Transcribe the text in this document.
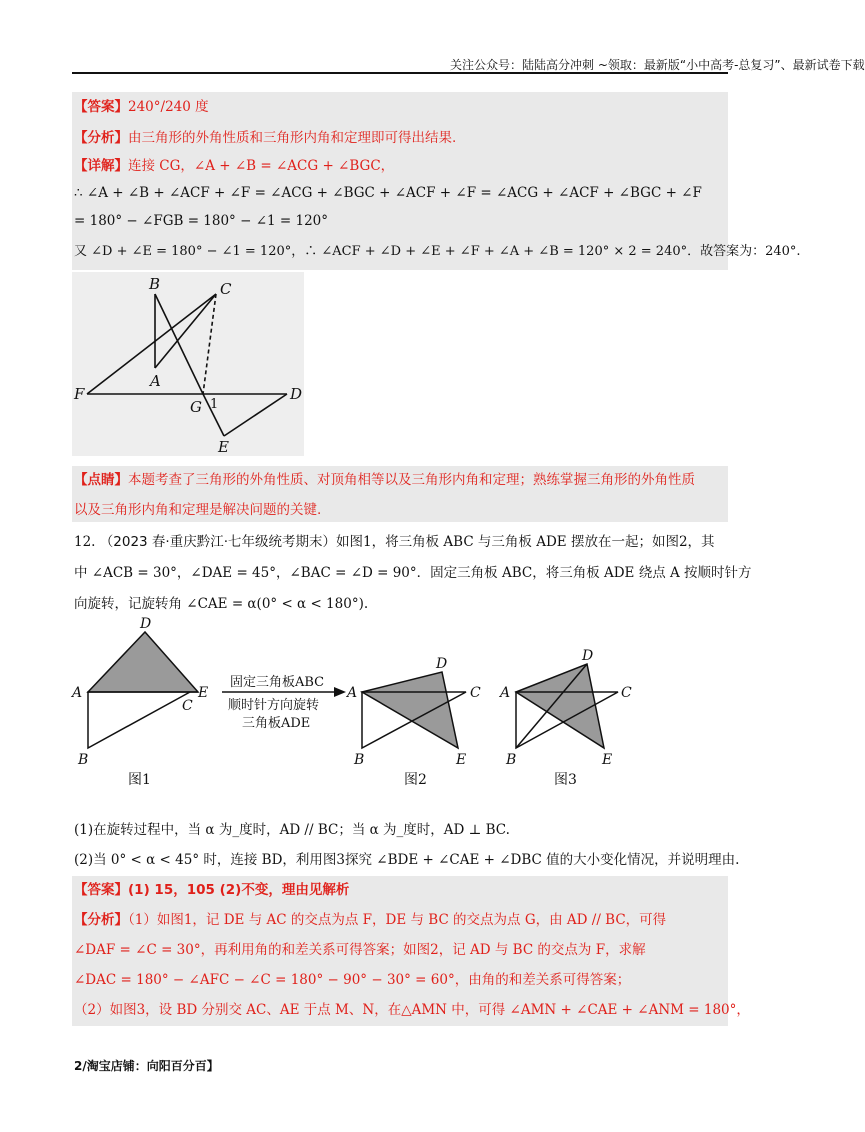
关注公众号：陆陆高分冲刺 ~领取：最新版“小中高考-总复习”、最新试卷下载
【答案】240°/240 度
【分析】由三角形的外角性质和三角形内角和定理即可得出结果.
【详解】连接 CG，∠A + ∠B = ∠ACG + ∠BGC，
∴ ∠A + ∠B + ∠ACF + ∠F = ∠ACG + ∠BGC + ∠ACF + ∠F = ∠ACG + ∠ACF + ∠BGC + ∠F
= 180° − ∠FGB = 180° − ∠1 = 120°
又 ∠D + ∠E = 180° − ∠1 = 120°，∴ ∠ACF + ∠D + ∠E + ∠F + ∠A + ∠B = 120° × 2 = 240°．故答案为：240°.
B	C
A
F
G 1
D
E
【点睛】本题考查了三角形的外角性质、对顶角相等以及三角形内角和定理；熟练掌握三角形的外角性质
以及三角形内角和定理是解决问题的关键.
12. （2023 春·重庆黔江·七年级统考期末）如图1，将三角板 ABC 与三角板 ADE 摆放在一起；如图2，其
中 ∠ACB = 30°，∠DAE = 45°，∠BAC = ∠D = 90°．固定三角板 ABC，将三角板 ADE 绕点 A 按顺时针方
向旋转，记旋转角 ∠CAE = α(0° < α < 180°).
D
A	E
C
B
图1
固定三角板ABC
顺时针方向旋转
三角板ADE
D
A	C
B	E
图2
D
A	C
B	E
图3
(1)在旋转过程中，当 α 为_度时，AD // BC；当 α 为_度时，AD ⊥ BC.
(2)当 0° < α < 45° 时，连接 BD，利用图3探究 ∠BDE + ∠CAE + ∠DBC 值的大小变化情况，并说明理由.
【答案】(1) 15，105 (2)不变，理由见解析
【分析】（1）如图1，记 DE 与 AC 的交点为点 F，DE 与 BC 的交点为点 G，由 AD // BC，可得
∠DAF = ∠C = 30°，再利用角的和差关系可得答案；如图2，记 AD 与 BC 的交点为 F，求解
∠DAC = 180° − ∠AFC − ∠C = 180° − 90° − 30° = 60°，由角的和差关系可得答案；
（2）如图3，设 BD 分别交 AC、AE 于点 M、N，在△AMN 中，可得 ∠AMN + ∠CAE + ∠ANM = 180°，
2/淘宝店铺：向阳百分百】
